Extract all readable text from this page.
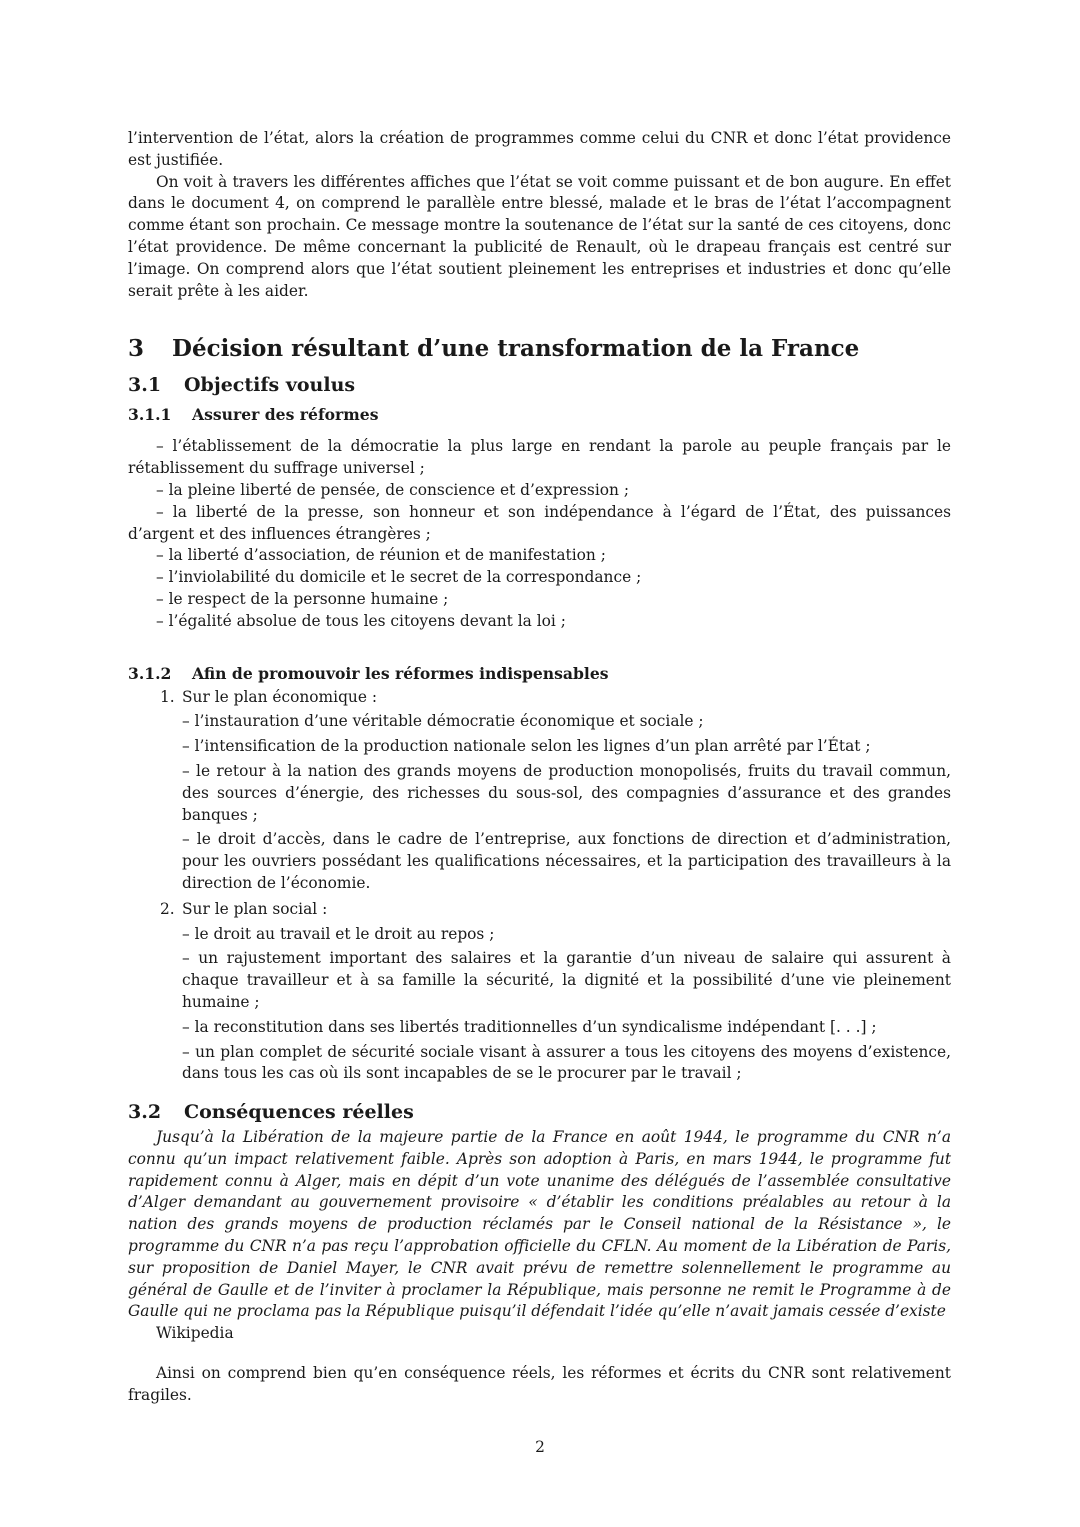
l’intervention de l’état, alors la création de programmes comme celui du CNR et donc l’état providence est justifiée.

On voit à travers les différentes affiches que l’état se voit comme puissant et de bon augure. En effet dans le document 4, on comprend le parallèle entre blessé, malade et le bras de l’état l’accompagnent comme étant son prochain. Ce message montre la soutenance de l’état sur la santé de ces citoyens, donc l’état providence. De même concernant la publicité de Renault, où le drapeau français est centré sur l’image. On comprend alors que l’état soutient pleinement les entreprises et industries et donc qu’elle serait prête à les aider.

3 Décision résultant d’une transformation de la France
3.1 Objectifs voulus
3.1.1 Assurer des réformes

– l’établissement de la démocratie la plus large en rendant la parole au peuple français par le rétablissement du suffrage universel ;

– la pleine liberté de pensée, de conscience et d’expression ;

– la liberté de la presse, son honneur et son indépendance à l’égard de l’État, des puissances d’argent et des influences étrangères ;

– la liberté d’association, de réunion et de manifestation ;

– l’inviolabilité du domicile et le secret de la correspondance ;

– le respect de la personne humaine ;

– l’égalité absolue de tous les citoyens devant la loi ;

3.1.2 Afin de promouvoir les réformes indispensables
1. Sur le plan économique :

– l’instauration d’une véritable démocratie économique et sociale ;

– l’intensification de la production nationale selon les lignes d’un plan arrêté par l’État ;

– le retour à la nation des grands moyens de production monopolisés, fruits du travail commun, des sources d’énergie, des richesses du sous-sol, des compagnies d’assurance et des grandes banques ;

– le droit d’accès, dans le cadre de l’entreprise, aux fonctions de direction et d’administration, pour les ouvriers possédant les qualifications nécessaires, et la participation des travailleurs à la direction de l’économie.

2. Sur le plan social :

– le droit au travail et le droit au repos ;

– un rajustement important des salaires et la garantie d’un niveau de salaire qui assurent à chaque travailleur et à sa famille la sécurité, la dignité et la possibilité d’une vie pleinement humaine ;

– la reconstitution dans ses libertés traditionnelles d’un syndicalisme indépendant [. . .] ;

– un plan complet de sécurité sociale visant à assurer a tous les citoyens des moyens d’existence, dans tous les cas où ils sont incapables de se le procurer par le travail ;

3.2 Conséquences réelles

Jusqu’à la Libération de la majeure partie de la France en août 1944, le programme du CNR n’a connu qu’un impact relativement faible. Après son adoption à Paris, en mars 1944, le programme fut rapidement connu à Alger, mais en dépit d’un vote unanime des délégués de l’assemblée consultative d’Alger demandant au gouvernement provisoire « d’établir les conditions préalables au retour à la nation des grands moyens de production réclamés par le Conseil national de la Résistance », le programme du CNR n’a pas reçu l’approbation officielle du CFLN. Au moment de la Libération de Paris, sur proposition de Daniel Mayer, le CNR avait prévu de remettre solennellement le programme au général de Gaulle et de l’inviter à proclamer la République, mais personne ne remit le Programme à de Gaulle qui ne proclama pas la République puisqu’il défendait l’idée qu’elle n’avait jamais cessée d’existe

Wikipedia

Ainsi on comprend bien qu’en conséquence réels, les réformes et écrits du CNR sont relativement fragiles.

2
